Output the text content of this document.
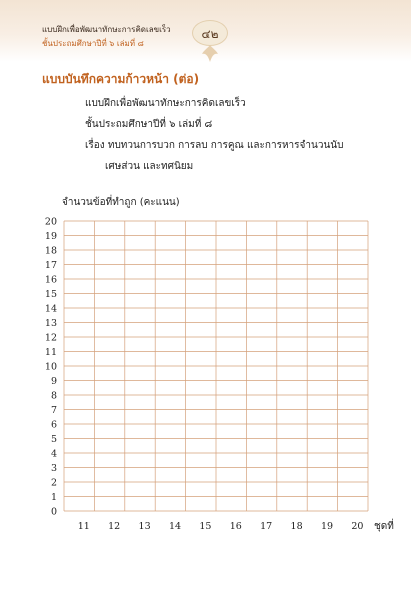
แบบฝึกเพื่อพัฒนาทักษะการคิดเลขเร็ว
ชั้นประถมศึกษาปีที่ ๖ เล่มที่ ๘
๔๒
แบบบันทึกความก้าวหน้า (ต่อ)
แบบฝึกเพื่อพัฒนาทักษะการคิดเลขเร็ว
ชั้นประถมศึกษาปีที่ ๖ เล่มที่ ๘
เรื่อง ทบทวนการบวก การลบ การคูณ และการหารจำนวนนับ
เศษส่วน และทศนิยม
จำนวนข้อที่ทำถูก (คะแนน)
0
1
2
3
4
5
6
7
8
9
10
11
12
13
14
15
16
17
18
19
20
11 12 13 14 15 16 17 18 19 20 ชุดที่
